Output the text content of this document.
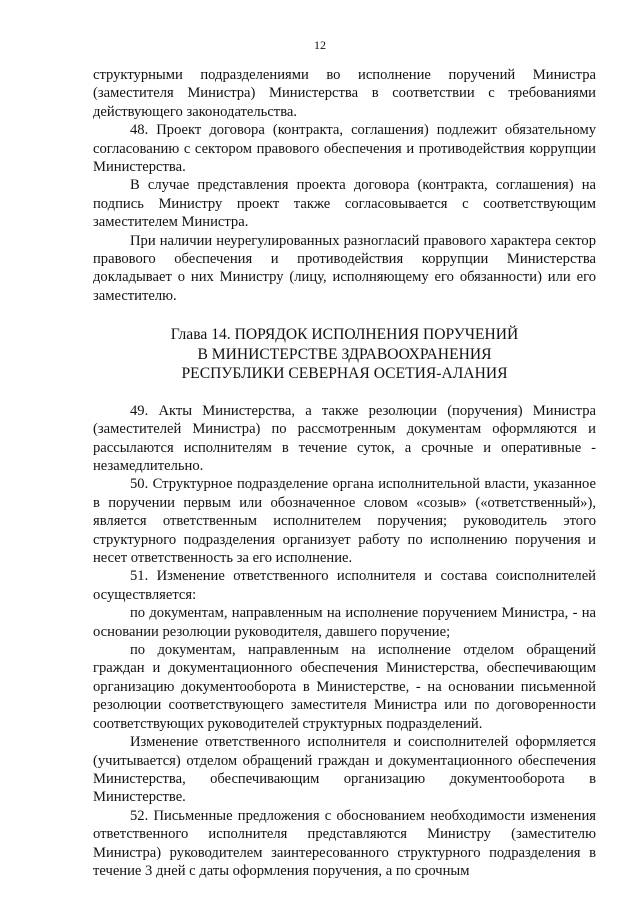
12

структурными подразделениями во исполнение поручений Министра (заместителя Министра) Министерства в соответствии с требованиями действующего законодательства.

48. Проект договора (контракта, соглашения) подлежит обязательному согласованию с сектором правового обеспечения и противодействия коррупции Министерства.

В случае представления проекта договора (контракта, соглашения) на подпись Министру проект также согласовывается с соответствующим заместителем Министра.

При наличии неурегулированных разногласий правового характера сектор правового обеспечения и противодействия коррупции Министерства докладывает о них Министру (лицу, исполняющему его обязанности) или его заместителю.

Глава 14. ПОРЯДОК ИСПОЛНЕНИЯ ПОРУЧЕНИЙ
В МИНИСТЕРСТВЕ ЗДРАВООХРАНЕНИЯ
РЕСПУБЛИКИ СЕВЕРНАЯ ОСЕТИЯ-АЛАНИЯ

49. Акты Министерства, а также резолюции (поручения) Министра (заместителей Министра) по рассмотренным документам оформляются и рассылаются исполнителям в течение суток, а срочные и оперативные - незамедлительно.

50. Структурное подразделение органа исполнительной власти, указанное в поручении первым или обозначенное словом «созыв» («ответственный»), является ответственным исполнителем поручения; руководитель этого структурного подразделения организует работу по исполнению поручения и несет ответственность за его исполнение.

51. Изменение ответственного исполнителя и состава соисполнителей осуществляется:

по документам, направленным на исполнение поручением Министра, - на основании резолюции руководителя, давшего поручение;

по документам, направленным на исполнение отделом обращений граждан и документационного обеспечения Министерства, обеспечивающим организацию документооборота в Министерстве, - на основании письменной резолюции соответствующего заместителя Министра или по договоренности соответствующих руководителей структурных подразделений.

Изменение ответственного исполнителя и соисполнителей оформляется (учитывается) отделом обращений граждан и документационного обеспечения Министерства, обеспечивающим организацию документооборота в Министерстве.

52. Письменные предложения с обоснованием необходимости изменения ответственного исполнителя представляются Министру (заместителю Министра) руководителем заинтересованного структурного подразделения в течение 3 дней с даты оформления поручения, а по срочным
